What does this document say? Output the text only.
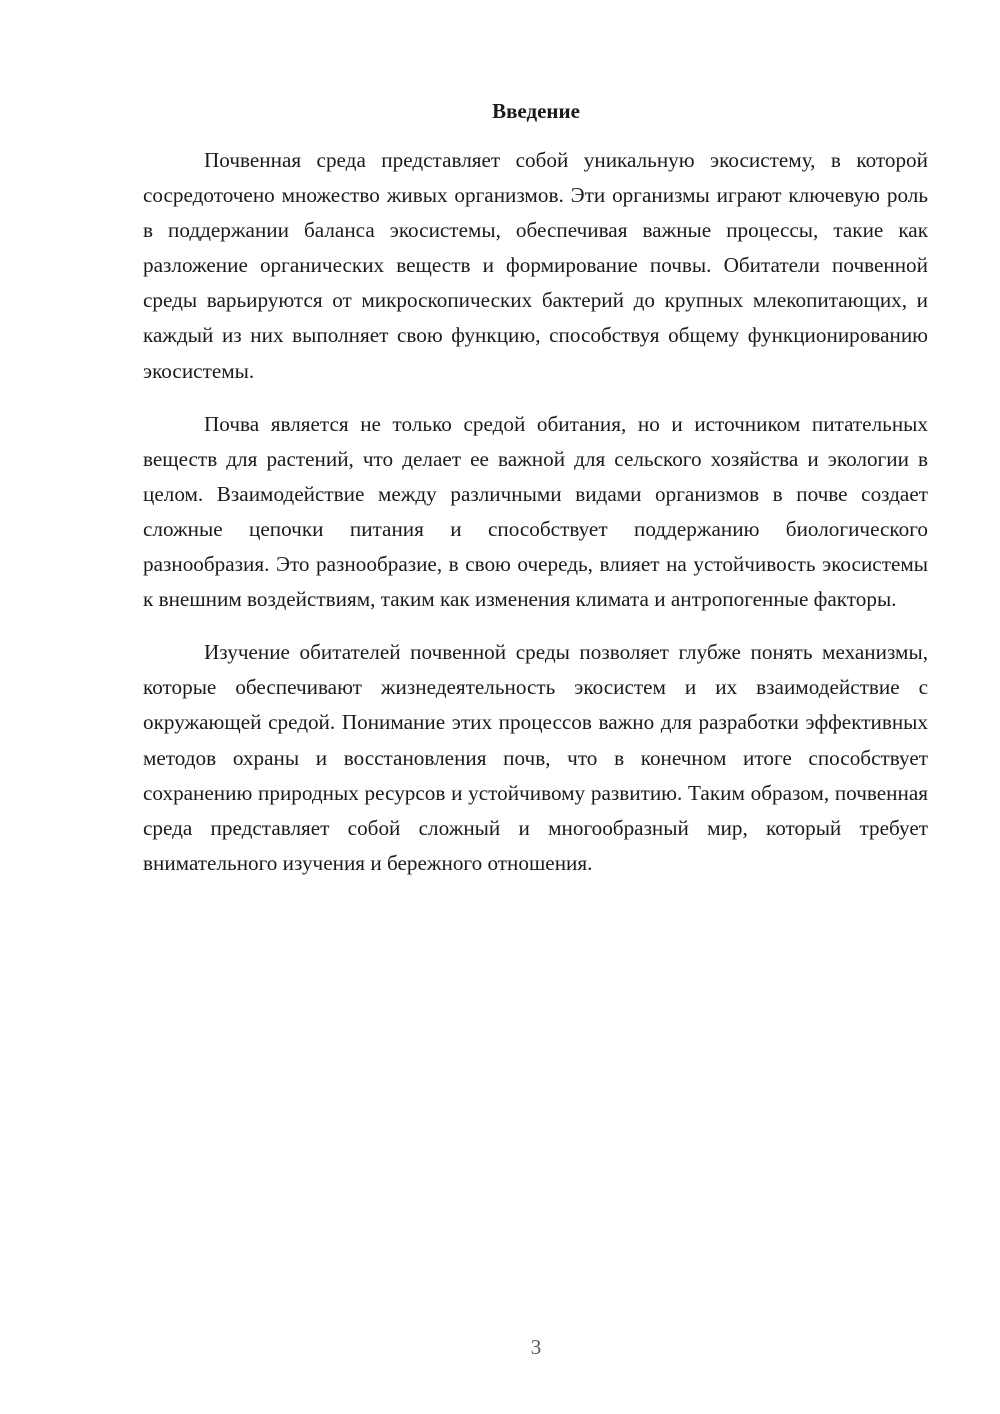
Введение

Почвенная среда представляет собой уникальную экосистему, в которой сосредоточено множество живых организмов. Эти организмы играют ключевую роль в поддержании баланса экосистемы, обеспечивая важные процессы, такие как разложение органических веществ и формирование почвы. Обитатели почвенной среды варьируются от микроскопических бактерий до крупных млекопитающих, и каждый из них выполняет свою функцию, способствуя общему функционированию экосистемы.

Почва является не только средой обитания, но и источником питательных веществ для растений, что делает ее важной для сельского хозяйства и экологии в целом. Взаимодействие между различными видами организмов в почве создает сложные цепочки питания и способствует поддержанию биологического разнообразия. Это разнообразие, в свою очередь, влияет на устойчивость экосистемы к внешним воздействиям, таким как изменения климата и антропогенные факторы.

Изучение обитателей почвенной среды позволяет глубже понять механизмы, которые обеспечивают жизнедеятельность экосистем и их взаимодействие с окружающей средой. Понимание этих процессов важно для разработки эффективных методов охраны и восстановления почв, что в конечном итоге способствует сохранению природных ресурсов и устойчивому развитию. Таким образом, почвенная среда представляет собой сложный и многообразный мир, который требует внимательного изучения и бережного отношения.

3
